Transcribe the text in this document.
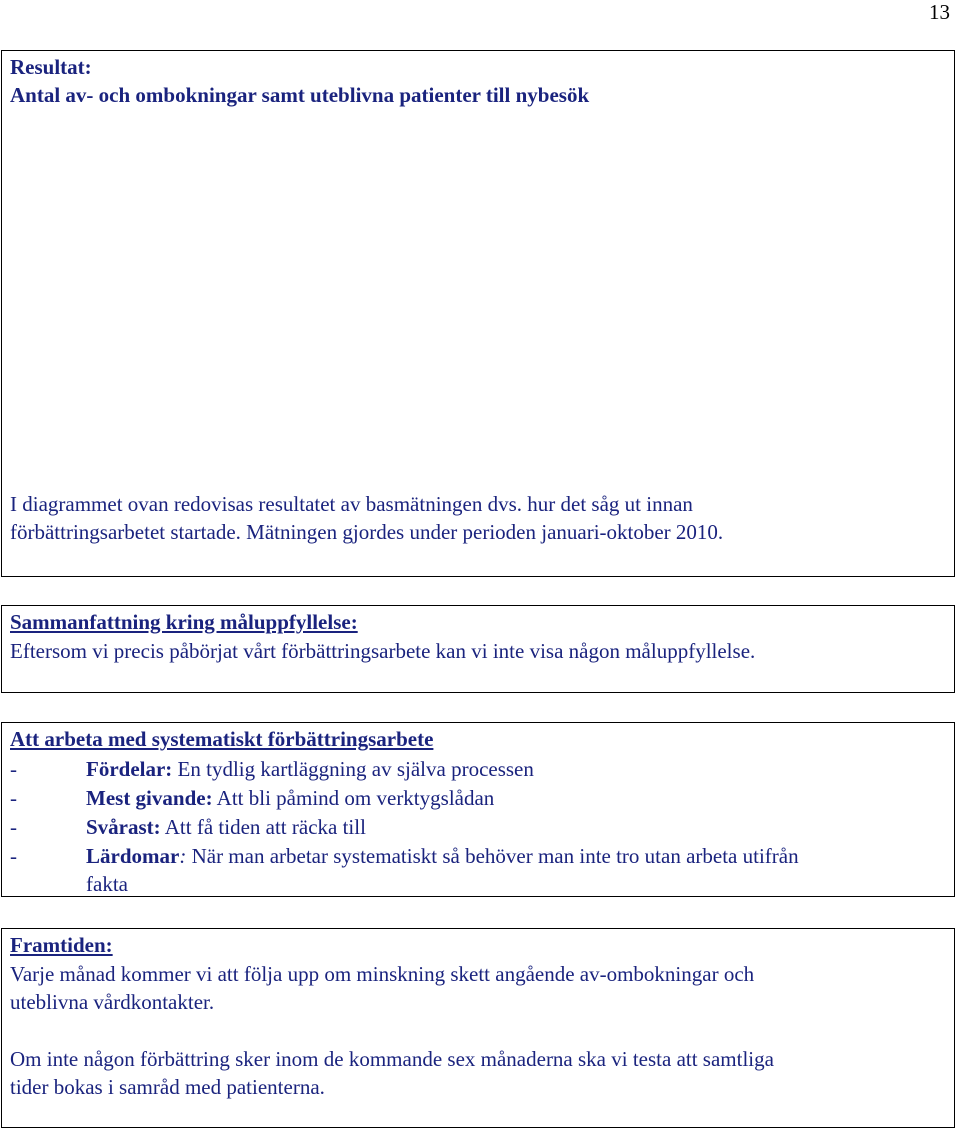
13
Resultat:
Antal av- och ombokningar samt uteblivna patienter till nybesök
I diagrammet ovan redovisas resultatet av basmätningen dvs. hur det såg ut innan
förbättringsarbetet startade. Mätningen gjordes under perioden januari-oktober 2010.
Sammanfattning kring måluppfyllelse:
Eftersom vi precis påbörjat vårt förbättringsarbete kan vi inte visa någon måluppfyllelse.
Att arbeta med systematiskt förbättringsarbete
-	Fördelar: En tydlig kartläggning av själva processen
-	Mest givande: Att bli påmind om verktygslådan
-	Svårast: Att få tiden att räcka till
-	Lärdomar: När man arbetar systematiskt så behöver man inte tro utan arbeta utifrån
fakta
Framtiden:
Varje månad kommer vi att följa upp om minskning skett angående av-ombokningar och
uteblivna vårdkontakter.
Om inte någon förbättring sker inom de kommande sex månaderna ska vi testa att samtliga
tider bokas i samråd med patienterna.
